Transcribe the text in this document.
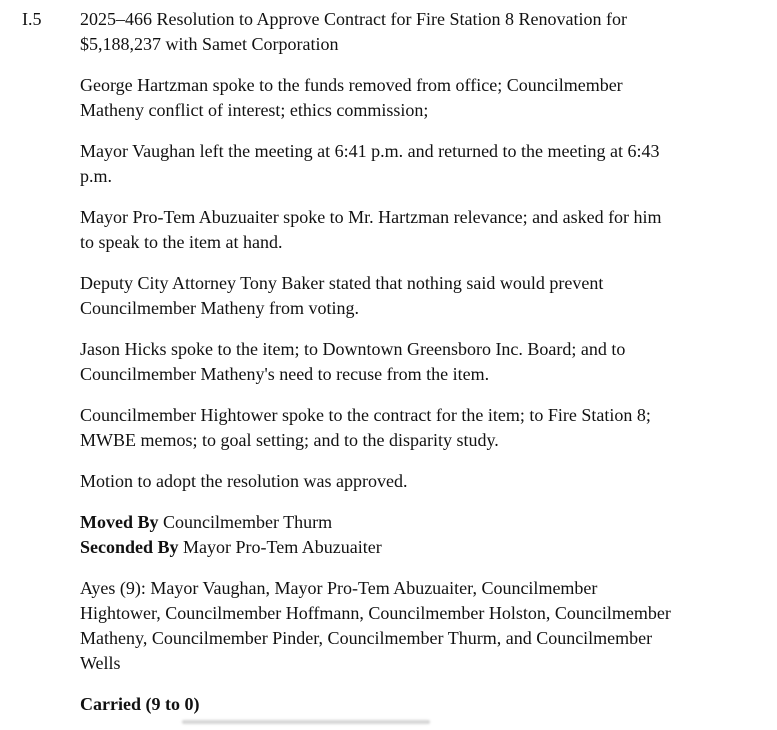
I.5 2025–466 Resolution to Approve Contract for Fire Station 8 Renovation for
$5,188,237 with Samet Corporation
George Hartzman spoke to the funds removed from office; Councilmember
Matheny conflict of interest; ethics commission;
Mayor Vaughan left the meeting at 6:41 p.m. and returned to the meeting at 6:43
p.m.
Mayor Pro-Tem Abuzuaiter spoke to Mr. Hartzman relevance; and asked for him
to speak to the item at hand.
Deputy City Attorney Tony Baker stated that nothing said would prevent
Councilmember Matheny from voting.
Jason Hicks spoke to the item; to Downtown Greensboro Inc. Board; and to
Councilmember Matheny's need to recuse from the item.
Councilmember Hightower spoke to the contract for the item; to Fire Station 8;
MWBE memos; to goal setting; and to the disparity study.
Motion to adopt the resolution was approved.
Moved By Councilmember Thurm
Seconded By Mayor Pro-Tem Abuzuaiter
Ayes (9): Mayor Vaughan, Mayor Pro-Tem Abuzuaiter, Councilmember
Hightower, Councilmember Hoffmann, Councilmember Holston, Councilmember
Matheny, Councilmember Pinder, Councilmember Thurm, and Councilmember
Wells
Carried (9 to 0)
